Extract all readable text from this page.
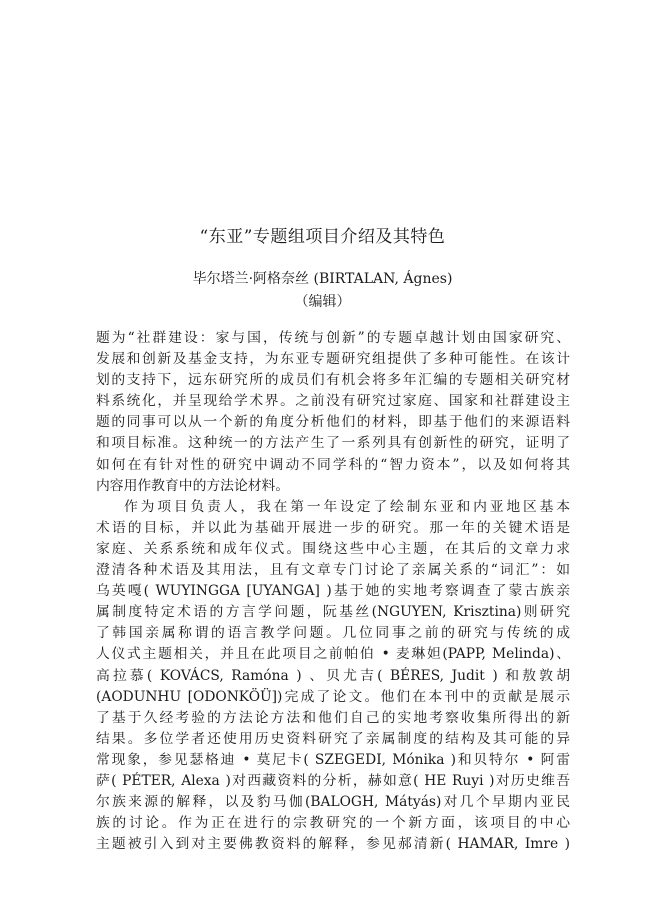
“东亚”专题组项目介绍及其特色
毕尔塔兰·阿格奈丝 (BIRTALAN, Ágnes)
（编辑）
题为“社群建设：家与国，传统与创新”的专题卓越计划由国家研究、
发展和创新及基金支持，为东亚专题研究组提供了多种可能性。在该计
划的支持下，远东研究所的成员们有机会将多年汇编的专题相关研究材
料系统化，并呈现给学术界。之前没有研究过家庭、国家和社群建设主
题的同事可以从一个新的角度分析他们的材料，即基于他们的来源语料
和项目标准。这种统一的方法产生了一系列具有创新性的研究，证明了
如何在有针对性的研究中调动不同学科的“智力资本”，以及如何将其
内容用作教育中的方法论材料。
作为项目负责人，我在第一年设定了绘制东亚和内亚地区基本
术语的目标，并以此为基础开展进一步的研究。那一年的关键术语是
家庭、关系系统和成年仪式。围绕这些中心主题，在其后的文章力求
澄清各种术语及其用法，且有文章专门讨论了亲属关系的“词汇”：如
乌英嘎( WUYINGGA [UYANGA] )基于她的实地考察调查了蒙古族亲
属制度特定术语的方言学问题，阮基丝(NGUYEN, Krisztina)则研究
了韩国亲属称谓的语言教学问题。几位同事之前的研究与传统的成
人仪式主题相关，并且在此项目之前帕伯 • 麦琳妲(PAPP, Melinda)、
高拉慕( KOVÁCS, Ramóna ) 、贝尤吉( BÉRES, Judit ) 和敖敦胡
(AODUNHU [ODONKÖÜ])完成了论文。他们在本刊中的贡献是展示
了基于久经考验的方法论方法和他们自己的实地考察收集所得出的新
结果。多位学者还使用历史资料研究了亲属制度的结构及其可能的异
常现象，参见瑟格迪 • 莫尼卡( SZEGEDI, Mónika )和贝特尔 • 阿雷
萨( PÉTER, Alexa )对西藏资料的分析，赫如意( HE Ruyi )对历史维吾
尔族来源的解释，以及豹马伽(BALOGH, Mátyás)对几个早期内亚民
族的讨论。作为正在进行的宗教研究的一个新方面，该项目的中心
主题被引入到对主要佛教资料的解释，参见郝清新( HAMAR, Imre )
